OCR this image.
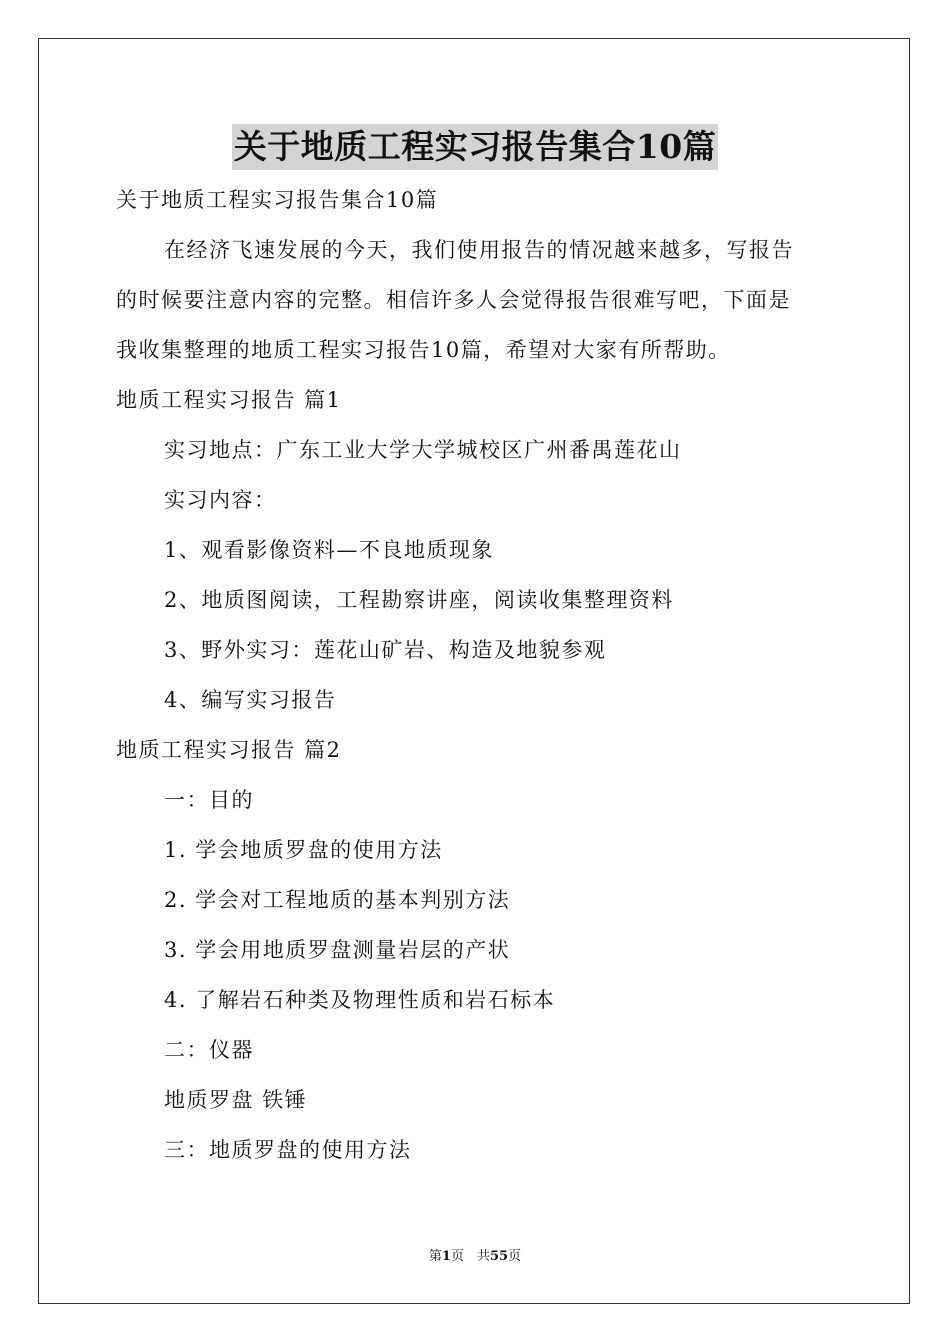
关于地质工程实习报告集合10篇
关于地质工程实习报告集合10篇
在经济飞速发展的今天，我们使用报告的情况越来越多，写报告
的时候要注意内容的完整。相信许多人会觉得报告很难写吧，下面是
我收集整理的地质工程实习报告10篇，希望对大家有所帮助。
地质工程实习报告 篇1
实习地点：广东工业大学大学城校区广州番禺莲花山
实习内容：
1、观看影像资料—不良地质现象
2、地质图阅读，工程勘察讲座，阅读收集整理资料
3、野外实习：莲花山矿岩、构造及地貌参观
4、编写实习报告
地质工程实习报告 篇2
一：目的
1. 学会地质罗盘的使用方法
2. 学会对工程地质的基本判别方法
3. 学会用地质罗盘测量岩层的产状
4. 了解岩石种类及物理性质和岩石标本
二：仪器
地质罗盘 铁锤
三：地质罗盘的使用方法
第1页　共55页
